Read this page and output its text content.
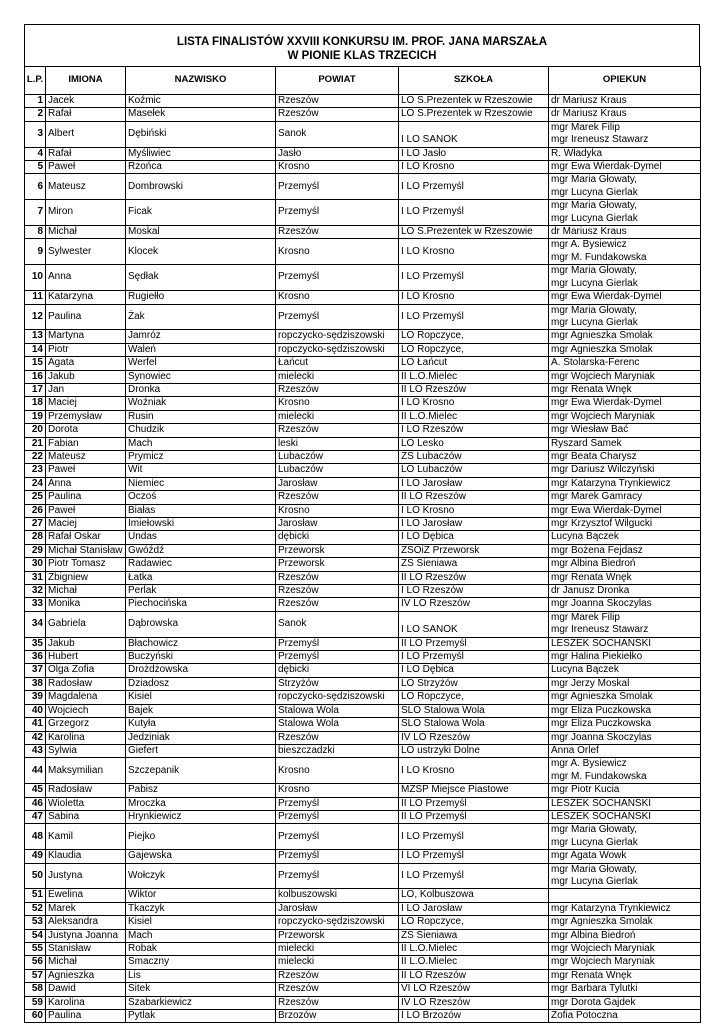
LISTA FINALISTÓW XXVIII KONKURSU IM. PROF. JANA MARSZAŁA
W PIONIE KLAS TRZECICH
L.P.	IMIONA	NAZWISKO	POWIAT	SZKOŁA	OPIEKUN
1	Jacek	Koźmic	Rzeszów	LO S.Prezentek w Rzeszowie	dr Mariusz Kraus

2	Rafał	Masełek	Rzeszów	LO S.Prezentek w Rzeszowie	dr Mariusz Kraus

3	Albert	Dębiński	Sanok	I LO SANOK	mgr Marek Filip
mgr Ireneusz Stawarz

4	Rafał	Myśliwiec	Jasło	I LO Jasło	R. Władyka

5	Paweł	Rzońca	Krosno	I LO Krosno	mgr Ewa Wierdak-Dymel

6	Mateusz	Dombrowski	Przemyśl	I LO Przemyśl	mgr Maria Głowaty,
mgr Lucyna Gierlak

7	Miron	Ficak	Przemyśl	I LO Przemyśl	mgr Maria Głowaty,
mgr Lucyna Gierlak

8	Michał	Moskal	Rzeszów	LO S.Prezentek w Rzeszowie	dr Mariusz Kraus

9	Sylwester	Klocek	Krosno	I LO Krosno	mgr A. Bysiewicz
mgr M. Fundakowska

10	Anna	Sędłak	Przemyśl	I LO Przemyśl	mgr Maria Głowaty,
mgr Lucyna Gierlak

11	Katarzyna	Rugiełło	Krosno	I LO Krosno	mgr Ewa Wierdak-Dymel

12	Paulina	Żak	Przemyśl	I LO Przemyśl	mgr Maria Głowaty,
mgr Lucyna Gierlak

13	Martyna	Jamróz	ropczycko-sędziszowski	LO Ropczyce,	mgr Agnieszka Smolak

14	Piotr	Waleń	ropczycko-sędziszowski	LO Ropczyce,	mgr Agnieszka Smolak

15	Agata	Werfel	Łańcut	LO Łańcut	A. Stolarska-Ferenc

16	Jakub	Synowiec	mielecki	II L.O.Mielec	mgr Wojciech Maryniak

17	Jan	Dronka	Rzeszów	II LO Rzeszów	mgr Renata Wnęk

18	Maciej	Woźniak	Krosno	I LO Krosno	mgr Ewa Wierdak-Dymel

19	Przemysław	Rusin	mielecki	II L.O.Mielec	mgr Wojciech Maryniak

20	Dorota	Chudzik	Rzeszów	I LO Rzeszów	mgr Wiesław Bać

21	Fabian	Mach	leski	LO Lesko	Ryszard Samek

22	Mateusz	Prymicz	Lubaczów	ZS Lubaczów	mgr Beata Charysz

23	Paweł	Wit	Lubaczów	LO Lubaczów	mgr Dariusz Wilczyński

24	Anna	Niemiec	Jarosław	I LO Jarosław	mgr Katarzyna Trynkiewicz

25	Paulina	Oczoś	Rzeszów	II LO Rzeszów	mgr Marek Gamracy

26	Paweł	Białas	Krosno	I LO Krosno	mgr Ewa Wierdak-Dymel

27	Maciej	Imiełowski	Jarosław	I LO Jarosław	mgr Krzysztof Wilgucki

28	Rafał Oskar	Undas	dębicki	I LO Dębica	Lucyna Bączek

29	Michał Stanisław	Gwóźdź	Przeworsk	ZSOiZ Przeworsk	mgr Bożena Fejdasz

30	Piotr Tomasz	Radawiec	Przeworsk	ZS Sieniawa	mgr Albina Biedroń

31	Zbigniew	Łatka	Rzeszów	II LO Rzeszów	mgr Renata Wnęk

32	Michał	Perlak	Rzeszów	I LO Rzeszów	dr Janusz Dronka

33	Monika	Piechocińska	Rzeszów	IV LO Rzeszów	mgr Joanna Skoczylas

34	Gabriela	Dąbrowska	Sanok	I LO SANOK	mgr Marek Filip
mgr Ireneusz Stawarz

35	Jakub	Błachowicz	Przemyśl	II LO Przemyśl	LESZEK SOCHAŃSKI

36	Hubert	Buczyński	Przemyśl	I LO Przemyśl	mgr Halina Piekiełko

37	Olga Zofia	Drożdżowska	dębicki	I LO Dębica	Lucyna Bączek

38	Radosław	Dziadosz	Strzyżów	LO Strzyżów	mgr Jerzy Moskal

39	Magdalena	Kisiel	ropczycko-sędziszowski	LO Ropczyce,	mgr Agnieszka Smolak

40	Wojciech	Bajek	Stalowa Wola	SLO Stalowa Wola	mgr Eliza Puczkowska

41	Grzegorz	Kutyła	Stalowa Wola	SLO Stalowa Wola	mgr Eliza Puczkowska

42	Karolina	Jedziniak	Rzeszów	IV LO Rzeszów	mgr Joanna Skoczylas

43	Sylwia	Giefert	bieszczadzki	LO ustrzyki Dolne	Anna Orlef

44	Maksymilian	Szczepanik	Krosno	I LO Krosno	mgr A. Bysiewicz
mgr M. Fundakowska

45	Radosław	Pabisz	Krosno	MZSP Miejsce Piastowe	mgr Piotr Kucia

46	Wioletta	Mroczka	Przemyśl	II LO Przemyśl	LESZEK SOCHAŃSKI

47	Sabina	Hrynkiewicz	Przemyśl	II LO Przemyśl	LESZEK SOCHAŃSKI

48	Kamil	Piejko	Przemyśl	I LO Przemyśl	mgr Maria Głowaty,
mgr Lucyna Gierlak

49	Klaudia	Gajewska	Przemyśl	I LO Przemyśl	mgr Agata Wowk

50	Justyna	Wołczyk	Przemyśl	I LO Przemyśl	mgr Maria Głowaty,
mgr Lucyna Gierlak

51	Ewelina	Wiktor	kolbuszowski	LO, Kolbuszowa	

52	Marek	Tkaczyk	Jarosław	I LO Jarosław	mgr Katarzyna Trynkiewicz

53	Aleksandra	Kisiel	ropczycko-sędziszowski	LO Ropczyce,	mgr Agnieszka Smolak

54	Justyna Joanna	Mach	Przeworsk	ZS Sieniawa	mgr Albina Biedroń

55	Stanisław	Robak	mielecki	II L.O.Mielec	mgr Wojciech Maryniak

56	Michał	Smaczny	mielecki	II L.O.Mielec	mgr Wojciech Maryniak

57	Agnieszka	Lis	Rzeszów	II LO Rzeszów	mgr Renata Wnęk

58	Dawid	Sitek	Rzeszów	VI LO Rzeszów	mgr Barbara Tylutki

59	Karolina	Szabarkiewicz	Rzeszów	IV LO Rzeszów	mgr Dorota Gajdek

60	Paulina	Pytlak	Brzozów	I LO Brzozów	Zofia Potoczna
